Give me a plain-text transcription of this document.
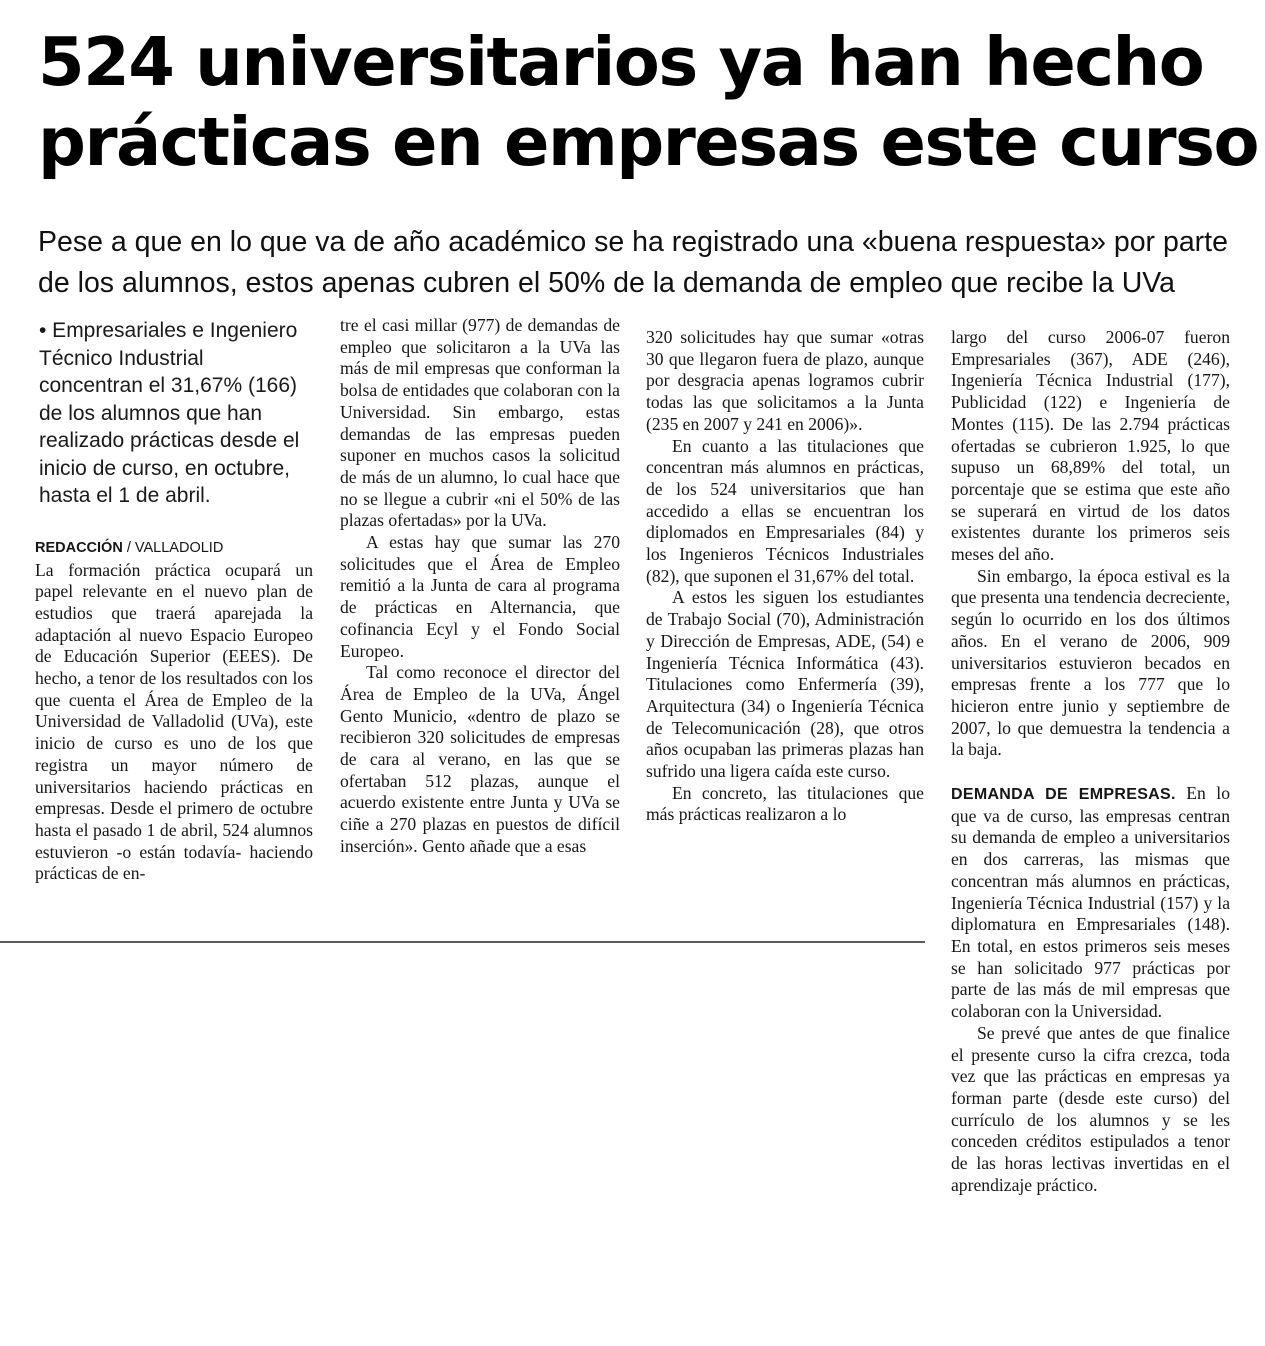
524 universitarios ya han hecho
prácticas en empresas este curso
Pese a que en lo que va de año académico se ha registrado una «buena respuesta» por parte
de los alumnos, estos apenas cubren el 50% de la demanda de empleo que recibe la UVa

• Empresariales e Ingeniero Técnico Industrial concentran el 31,67% (166) de los alumnos que han realizado prácticas desde el inicio de curso, en octubre, hasta el 1 de abril.

REDACCIÓN / VALLADOLID

La formación práctica ocupará un papel relevante en el nuevo plan de estudios que traerá aparejada la adaptación al nuevo Espacio Europeo de Educación Superior (EEES). De hecho, a tenor de los resultados con los que cuenta el Área de Empleo de la Universidad de Valladolid (UVa), este inicio de curso es uno de los que registra un mayor número de universitarios haciendo prácticas en empresas. Desde el primero de octubre hasta el pasado 1 de abril, 524 alumnos estuvieron -o están todavía- haciendo prácticas de en-

tre el casi millar (977) de demandas de empleo que solicitaron a la UVa las más de mil empresas que conforman la bolsa de entidades que colaboran con la Universidad. Sin embargo, estas demandas de las empresas pueden suponer en muchos casos la solicitud de más de un alumno, lo cual hace que no se llegue a cubrir «ni el 50% de las plazas ofertadas» por la UVa.

A estas hay que sumar las 270 solicitudes que el Área de Empleo remitió a la Junta de cara al programa de prácticas en Alternancia, que cofinancia Ecyl y el Fondo Social Europeo.

Tal como reconoce el director del Área de Empleo de la UVa, Ángel Gento Municio, «dentro de plazo se recibieron 320 solicitudes de empresas de cara al verano, en las que se ofertaban 512 plazas, aunque el acuerdo existente entre Junta y UVa se ciñe a 270 plazas en puestos de difícil inserción». Gento añade que a esas

320 solicitudes hay que sumar «otras 30 que llegaron fuera de plazo, aunque por desgracia apenas logramos cubrir todas las que solicitamos a la Junta (235 en 2007 y 241 en 2006)».

En cuanto a las titulaciones que concentran más alumnos en prácticas, de los 524 universitarios que han accedido a ellas se encuentran los diplomados en Empresariales (84) y los Ingenieros Técnicos Industriales (82), que suponen el 31,67% del total.

A estos les siguen los estudiantes de Trabajo Social (70), Administración y Dirección de Empresas, ADE, (54) e Ingeniería Técnica Informática (43). Titulaciones como Enfermería (39), Arquitectura (34) o Ingeniería Técnica de Telecomunicación (28), que otros años ocupaban las primeras plazas han sufrido una ligera caída este curso.

En concreto, las titulaciones que más prácticas realizaron a lo

largo del curso 2006-07 fueron Empresariales (367), ADE (246), Ingeniería Técnica Industrial (177), Publicidad (122) e Ingeniería de Montes (115). De las 2.794 prácticas ofertadas se cubrieron 1.925, lo que supuso un 68,89% del total, un porcentaje que se estima que este año se superará en virtud de los datos existentes durante los primeros seis meses del año.

Sin embargo, la época estival es la que presenta una tendencia decreciente, según lo ocurrido en los dos últimos años. En el verano de 2006, 909 universitarios estuvieron becados en empresas frente a los 777 que lo hicieron entre junio y septiembre de 2007, lo que demuestra la tendencia a la baja.

DEMANDA DE EMPRESAS. En lo que va de curso, las empresas centran su demanda de empleo a universitarios en dos carreras, las mismas que concentran más alumnos en prácticas, Ingeniería Técnica Industrial (157) y la diplomatura en Empresariales (148). En total, en estos primeros seis meses se han solicitado 977 prácticas por parte de las más de mil empresas que colaboran con la Universidad.

Se prevé que antes de que finalice el presente curso la cifra crezca, toda vez que las prácticas en empresas ya forman parte (desde este curso) del currículo de los alumnos y se les conceden créditos estipulados a tenor de las horas lectivas invertidas en el aprendizaje práctico.
